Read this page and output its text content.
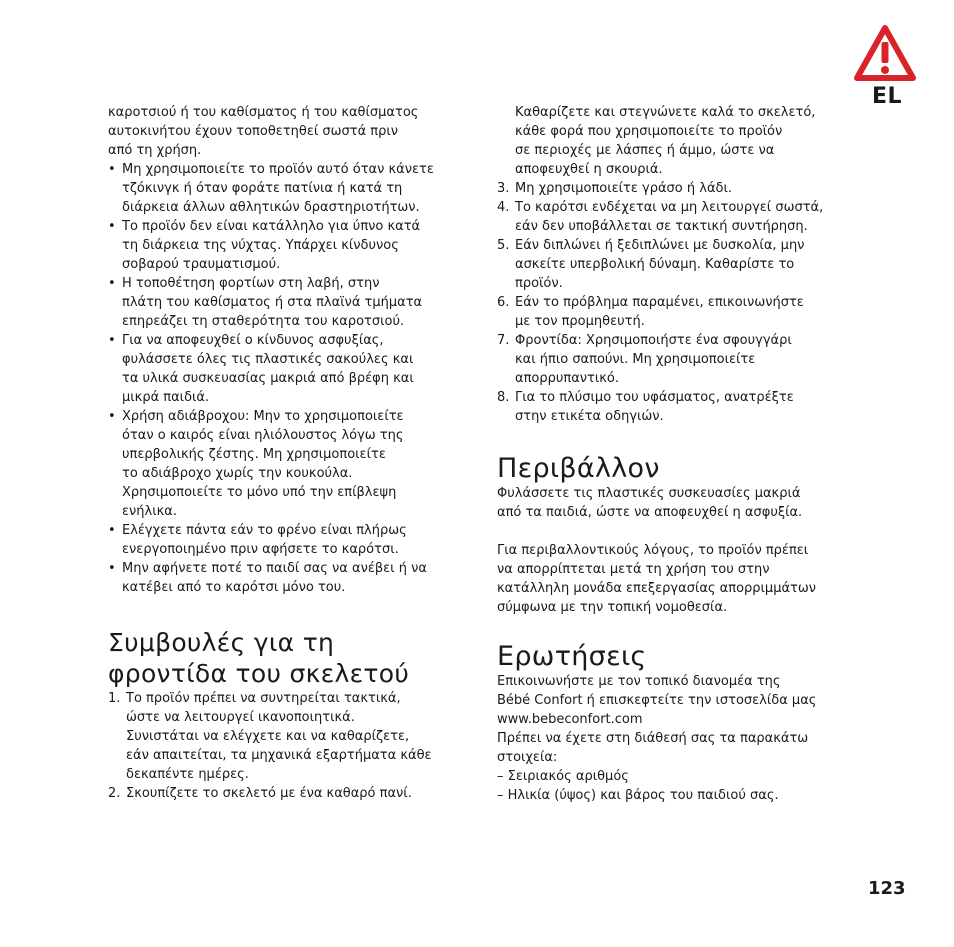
EL

καροτσιού ή του καθίσματος ή του καθίσματος
αυτοκινήτου έχουν τοποθετηθεί σωστά πριν
από τη χρήση.

• Μη χρησιμοποιείτε το προϊόν αυτό όταν κάνετε
τζόκινγκ ή όταν φοράτε πατίνια ή κατά τη
διάρκεια άλλων αθλητικών δραστηριοτήτων.
• Το προϊόν δεν είναι κατάλληλο για ύπνο κατά
τη διάρκεια της νύχτας. Υπάρχει κίνδυνος
σοβαρού τραυματισμού.
• Η τοποθέτηση φορτίων στη λαβή, στην
πλάτη του καθίσματος ή στα πλαϊνά τμήματα
επηρεάζει τη σταθερότητα του καροτσιού.
• Για να αποφευχθεί ο κίνδυνος ασφυξίας,
φυλάσσετε όλες τις πλαστικές σακούλες και
τα υλικά συσκευασίας μακριά από βρέφη και
μικρά παιδιά.
• Χρήση αδιάβροχου: Μην το χρησιμοποιείτε
όταν ο καιρός είναι ηλιόλουστος λόγω της
υπερβολικής ζέστης. Μη χρησιμοποιείτε
το αδιάβροχο χωρίς την κουκούλα.
Χρησιμοποιείτε το μόνο υπό την επίβλεψη
ενήλικα.
• Ελέγχετε πάντα εάν το φρένο είναι πλήρως
ενεργοποιημένο πριν αφήσετε το καρότσι.
• Μην αφήνετε ποτέ το παιδί σας να ανέβει ή να
κατέβει από το καρότσι μόνο του.
Συμβουλές για τη
φροντίδα του σκελετού
1. Το προϊόν πρέπει να συντηρείται τακτικά,
ώστε να λειτουργεί ικανοποιητικά.
Συνιστάται να ελέγχετε και να καθαρίζετε,
εάν απαιτείται, τα μηχανικά εξαρτήματα κάθε
δεκαπέντε ημέρες.
2. Σκουπίζετε το σκελετό με ένα καθαρό πανί.

Καθαρίζετε και στεγνώνετε καλά το σκελετό,
κάθε φορά που χρησιμοποιείτε το προϊόν
σε περιοχές με λάσπες ή άμμο, ώστε να
αποφευχθεί η σκουριά.

3. Μη χρησιμοποιείτε γράσο ή λάδι.
4. Το καρότσι ενδέχεται να μη λειτουργεί σωστά,
εάν δεν υποβάλλεται σε τακτική συντήρηση.
5. Εάν διπλώνει ή ξεδιπλώνει με δυσκολία, μην
ασκείτε υπερβολική δύναμη. Καθαρίστε το
προϊόν.
6. Εάν το πρόβλημα παραμένει, επικοινωνήστε
με τον προμηθευτή.
7. Φροντίδα: Χρησιμοποιήστε ένα σφουγγάρι
και ήπιο σαπούνι. Μη χρησιμοποιείτε
απορρυπαντικό.
8. Για το πλύσιμο του υφάσματος, ανατρέξτε
στην ετικέτα οδηγιών.
Περιβάλλον

Φυλάσσετε τις πλαστικές συσκευασίες μακριά
από τα παιδιά, ώστε να αποφευχθεί η ασφυξία.

Για περιβαλλοντικούς λόγους, το προϊόν πρέπει
να απορρίπτεται μετά τη χρήση του στην
κατάλληλη μονάδα επεξεργασίας απορριμμάτων
σύμφωνα με την τοπική νομοθεσία.

Ερωτήσεις

Επικοινωνήστε με τον τοπικό διανομέα της
Bébé Confort ή επισκεφτείτε την ιστοσελίδα μας
www.bebeconfort.com

Πρέπει να έχετε στη διάθεσή σας τα παρακάτω
στοιχεία:

– Σειριακός αριθμός

– Ηλικία (ύψος) και βάρος του παιδιού σας.

123
